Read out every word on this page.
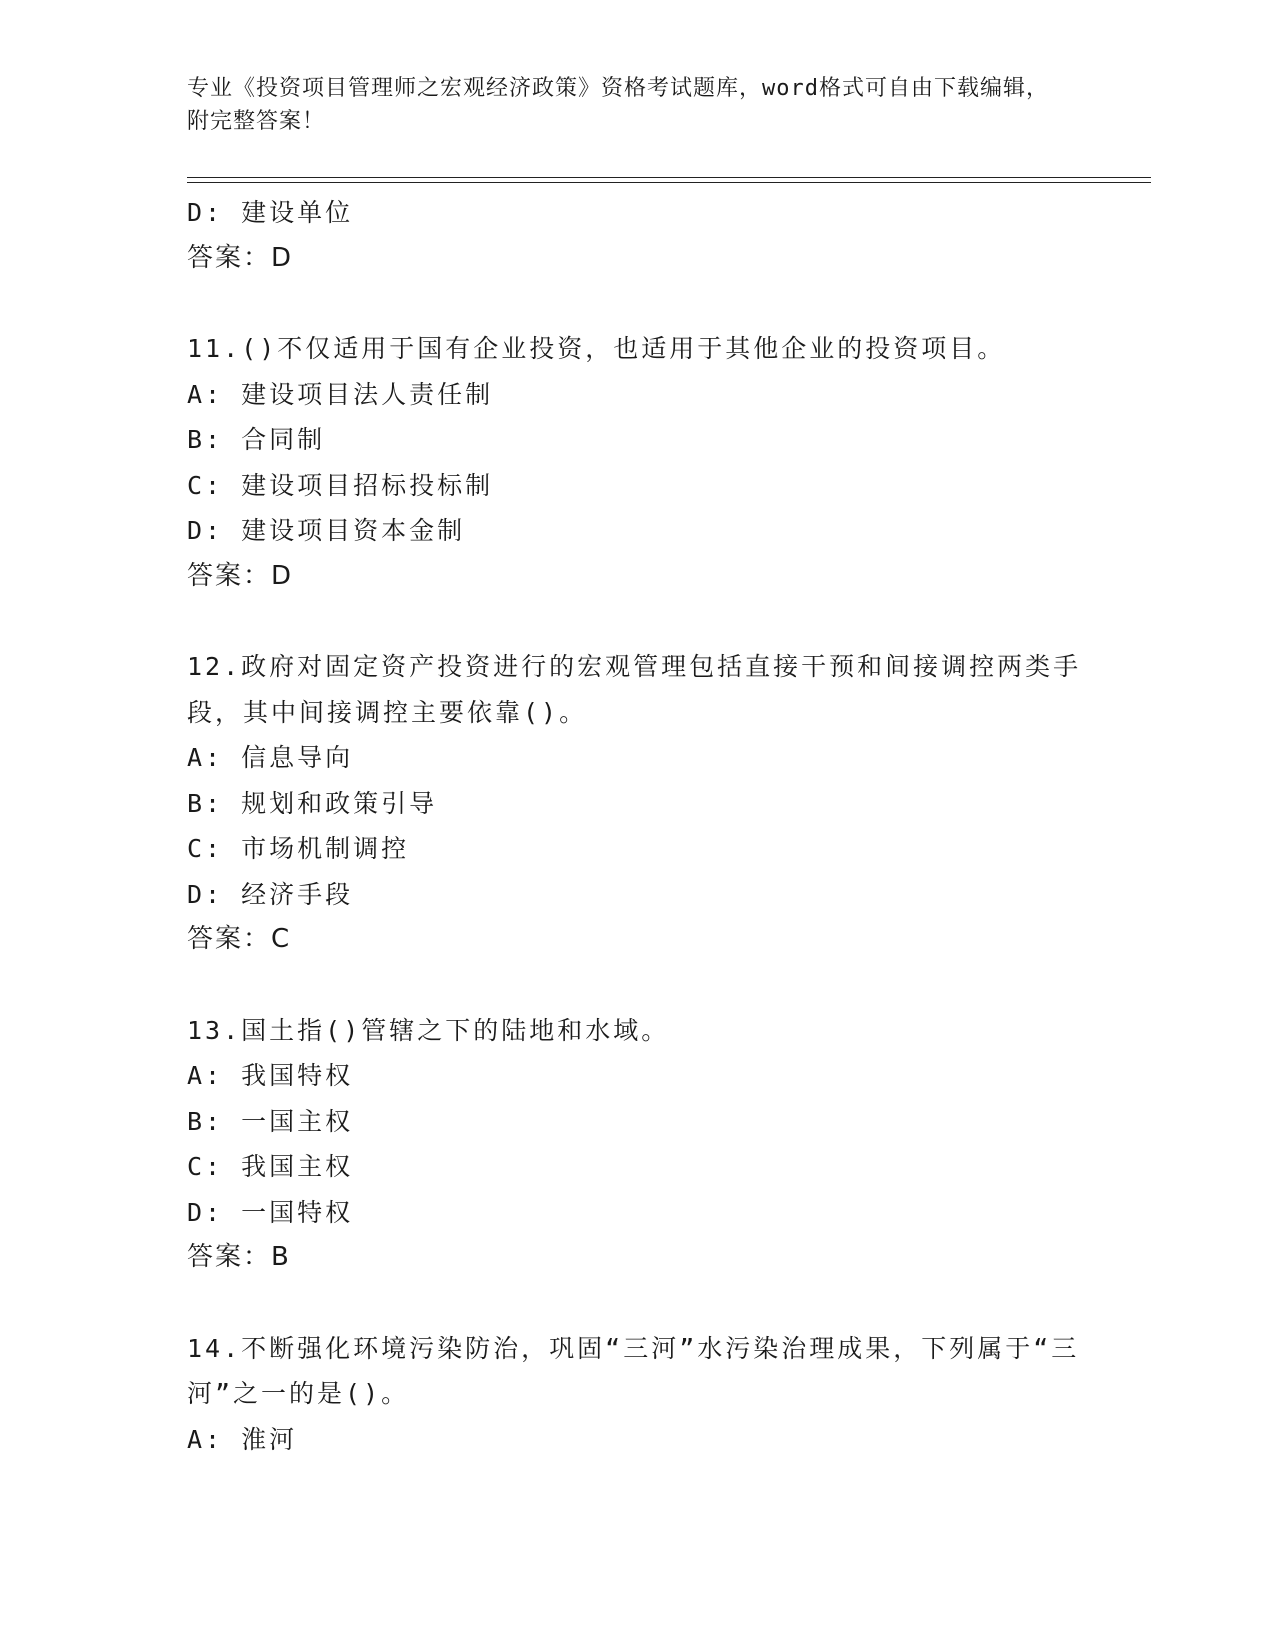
专业《投资项目管理师之宏观经济政策》资格考试题库，word格式可自由下载编辑，附完整答案！
D: 建设单位
答案：D
11.()不仅适用于国有企业投资，也适用于其他企业的投资项目。
A: 建设项目法人责任制
B: 合同制
C: 建设项目招标投标制
D: 建设项目资本金制
答案：D
12.政府对固定资产投资进行的宏观管理包括直接干预和间接调控两类手段，其中间接调控主要依靠()。
A: 信息导向
B: 规划和政策引导
C: 市场机制调控
D: 经济手段
答案：C
13.国土指()管辖之下的陆地和水域。
A: 我国特权
B: 一国主权
C: 我国主权
D: 一国特权
答案：B
14.不断强化环境污染防治，巩固“三河”水污染治理成果，下列属于“三河”之一的是()。
A: 淮河
